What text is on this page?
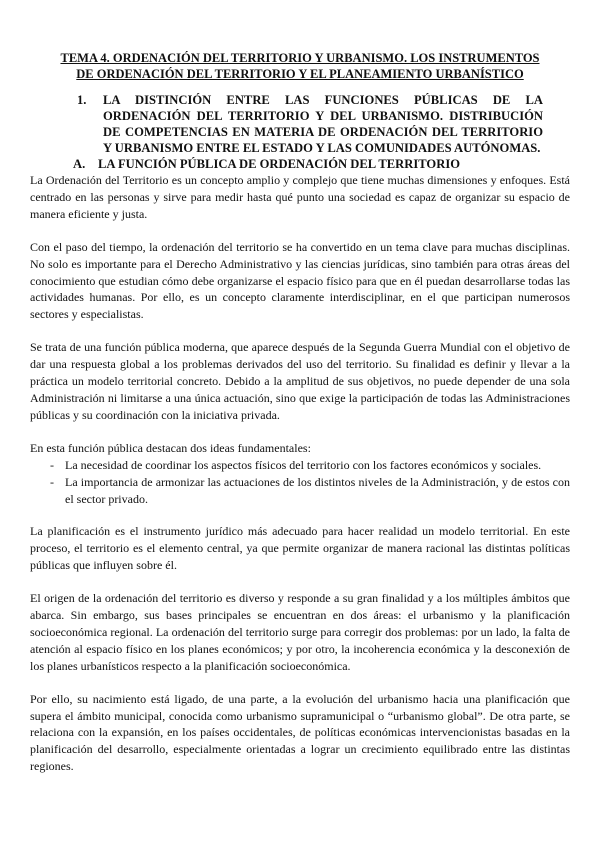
TEMA 4. ORDENACIÓN DEL TERRITORIO Y URBANISMO. LOS INSTRUMENTOS
DE ORDENACIÓN DEL TERRITORIO Y EL PLANEAMIENTO URBANÍSTICO

1.	LA DISTINCIÓN ENTRE LAS FUNCIONES PÚBLICAS DE LA ORDENACIÓN DEL TERRITORIO Y DEL URBANISMO. DISTRIBUCIÓN DE COMPETENCIAS EN MATERIA DE ORDENACIÓN DEL TERRITORIO Y URBANISMO ENTRE EL ESTADO Y LAS COMUNIDADES AUTÓNOMAS.
A.	LA FUNCIÓN PÚBLICA DE ORDENACIÓN DEL TERRITORIO

La Ordenación del Territorio es un concepto amplio y complejo que tiene muchas dimensiones y enfoques. Está centrado en las personas y sirve para medir hasta qué punto una sociedad es capaz de organizar su espacio de manera eficiente y justa.

Con el paso del tiempo, la ordenación del territorio se ha convertido en un tema clave para muchas disciplinas. No solo es importante para el Derecho Administrativo y las ciencias jurídicas, sino también para otras áreas del conocimiento que estudian cómo debe organizarse el espacio físico para que en él puedan desarrollarse todas las actividades humanas. Por ello, es un concepto claramente interdisciplinar, en el que participan numerosos sectores y especialistas.

Se trata de una función pública moderna, que aparece después de la Segunda Guerra Mundial con el objetivo de dar una respuesta global a los problemas derivados del uso del territorio. Su finalidad es definir y llevar a la práctica un modelo territorial concreto. Debido a la amplitud de sus objetivos, no puede depender de una sola Administración ni limitarse a una única actuación, sino que exige la participación de todas las Administraciones públicas y su coordinación con la iniciativa privada.

En esta función pública destacan dos ideas fundamentales:

- La necesidad de coordinar los aspectos físicos del territorio con los factores económicos y sociales.
- La importancia de armonizar las actuaciones de los distintos niveles de la Administración, y de estos con el sector privado.

La planificación es el instrumento jurídico más adecuado para hacer realidad un modelo territorial. En este proceso, el territorio es el elemento central, ya que permite organizar de manera racional las distintas políticas públicas que influyen sobre él.

El origen de la ordenación del territorio es diverso y responde a su gran finalidad y a los múltiples ámbitos que abarca. Sin embargo, sus bases principales se encuentran en dos áreas: el urbanismo y la planificación socioeconómica regional. La ordenación del territorio surge para corregir dos problemas: por un lado, la falta de atención al espacio físico en los planes económicos; y por otro, la incoherencia económica y la desconexión de los planes urbanísticos respecto a la planificación socioeconómica.

Por ello, su nacimiento está ligado, de una parte, a la evolución del urbanismo hacia una planificación que supera el ámbito municipal, conocida como urbanismo supramunicipal o “urbanismo global”. De otra parte, se relaciona con la expansión, en los países occidentales, de políticas económicas intervencionistas basadas en la planificación del desarrollo, especialmente orientadas a lograr un crecimiento equilibrado entre las distintas regiones.
